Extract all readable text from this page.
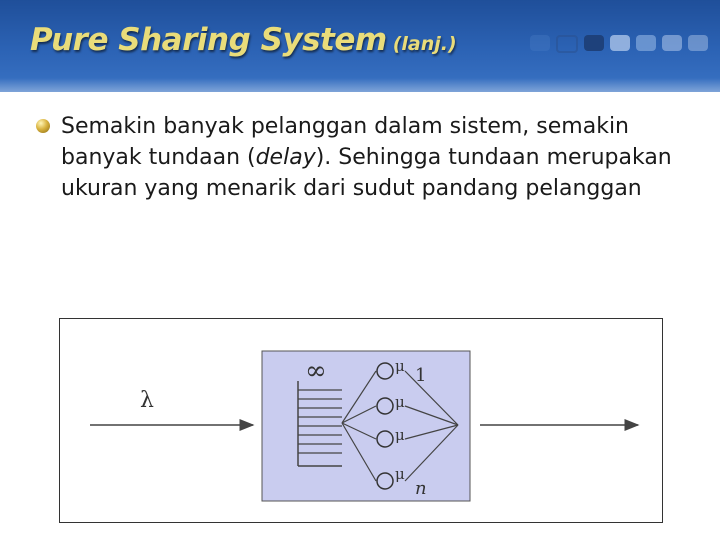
Pure Sharing System (lanj.)

Semakin banyak pelanggan dalam sistem, semakin banyak tundaan (delay). Sehingga tundaan merupakan ukuran yang menarik dari sudut pandang pelanggan

λ
∞	μ
μ
μ
μ
1
n
